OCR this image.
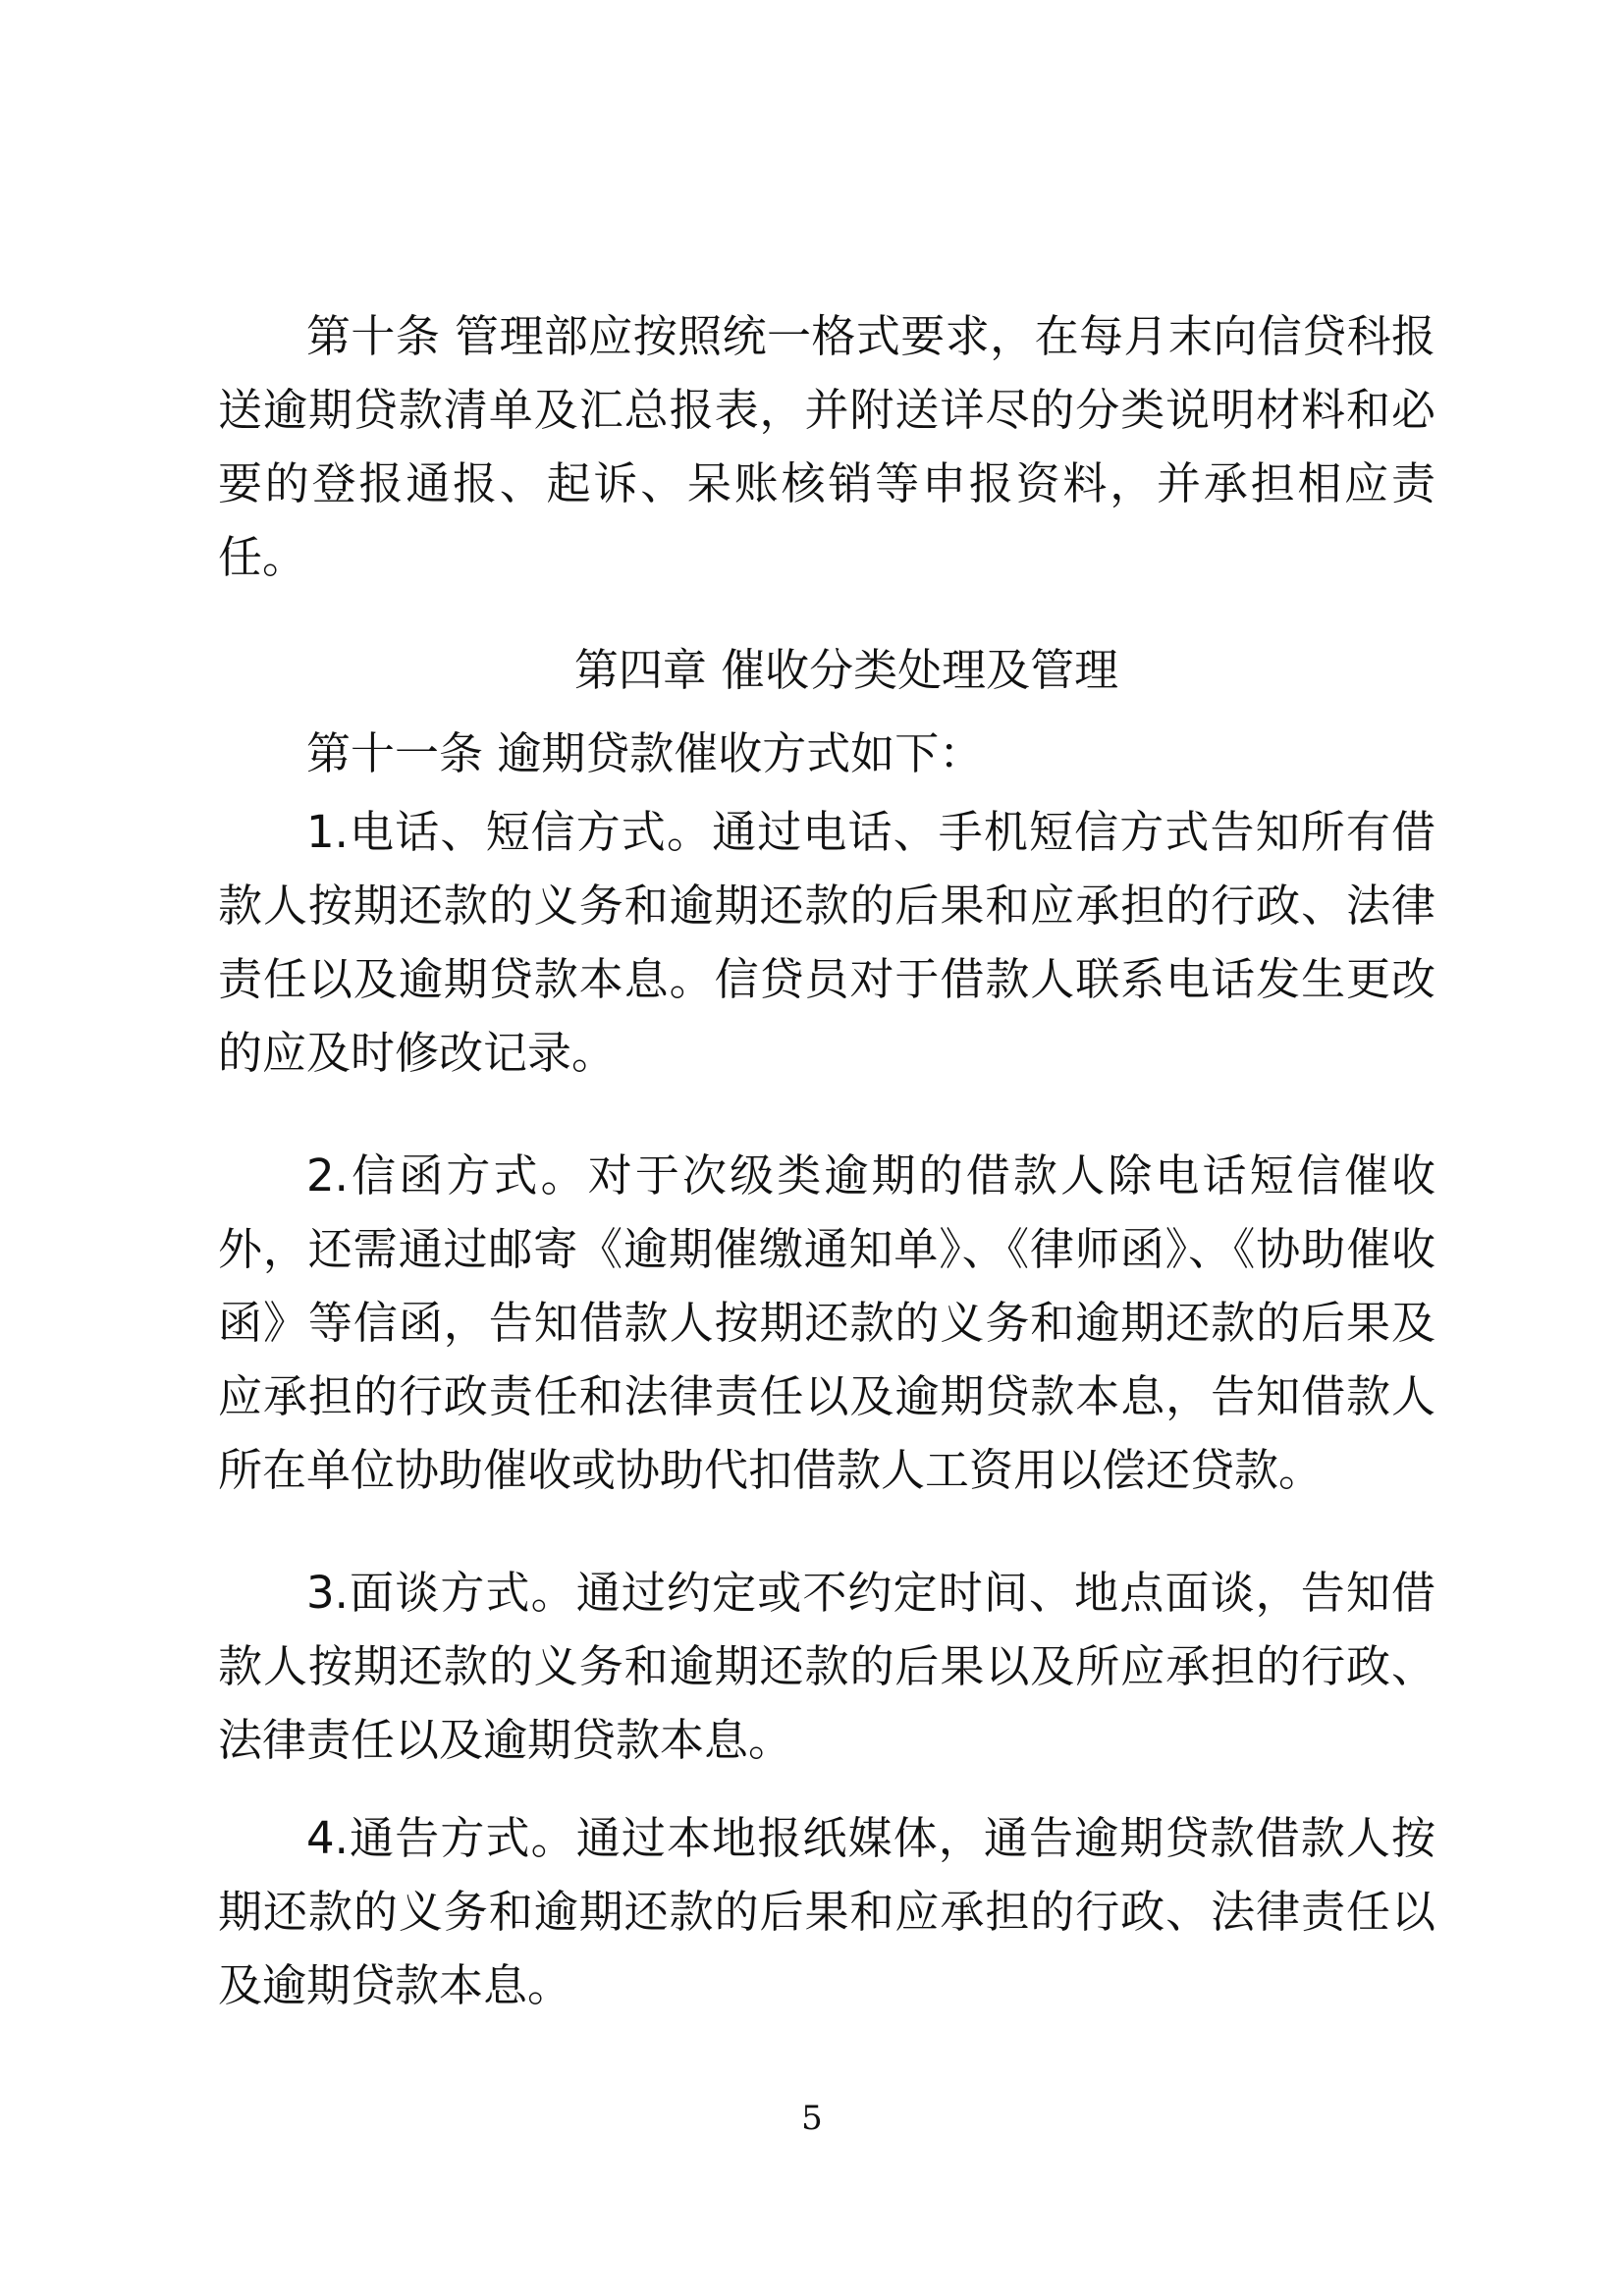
第十条 管理部应按照统一格式要求，在每月末向信贷科报送逾期贷款清单及汇总报表，并附送详尽的分类说明材料和必要的登报通报、起诉、呆账核销等申报资料，并承担相应责任。

第四章 催收分类处理及管理

第十一条 逾期贷款催收方式如下：

1.电话、短信方式。通过电话、手机短信方式告知所有借款人按期还款的义务和逾期还款的后果和应承担的行政、法律责任以及逾期贷款本息。信贷员对于借款人联系电话发生更改的应及时修改记录。

2.信函方式。对于次级类逾期的借款人除电话短信催收外，还需通过邮寄《逾期催缴通知单》、《律师函》、《协助催收函》等信函，告知借款人按期还款的义务和逾期还款的后果及应承担的行政责任和法律责任以及逾期贷款本息，告知借款人所在单位协助催收或协助代扣借款人工资用以偿还贷款。

3.面谈方式。通过约定或不约定时间、地点面谈，告知借款人按期还款的义务和逾期还款的后果以及所应承担的行政、法律责任以及逾期贷款本息。

4.通告方式。通过本地报纸媒体，通告逾期贷款借款人按期还款的义务和逾期还款的后果和应承担的行政、法律责任以及逾期贷款本息。

5
